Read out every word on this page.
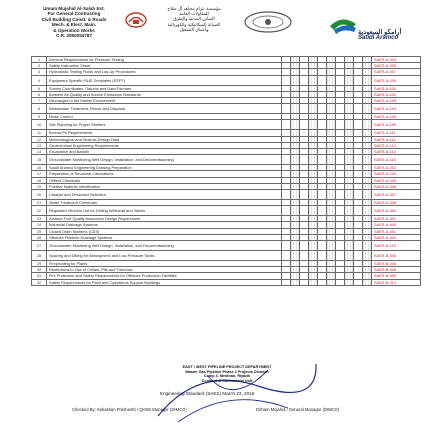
Umam Mujahid Al-Salah Est.
For General Contracting
Civil Building Const. & Roads
Mech. & Elect. Main.
& Operation Works
C.R. 2050054787
مؤسسة عزام مجاهد آل صلاح
للمقاولات العامة
المباني المدنية والطرق
الصيانة الميكانيكية والكهربائية
وأعمال التشغيل	أرامكو السعودية
Saudi Aramco
1	General Requirements for Pressure Testing											SAES-A-004
2	Safety Instruction Sheet											SAES-A-005
3	Hydrostatic Testing Fluids and Lay-Up Procedures											SAES-A-007
4	Equipment Specific P&ID Templates (ESPT)											SAES-A-009
5	Survey Coordinates, Datums and Data Formats											SAES-A-100
6	Ambient Air Quality and Source Emissions Standards											SAES-A-102
7	Discharges to the Marine Environment											SAES-A-103
8	Wastewater Treatment, Reuse and Disposal											SAES-A-104
9	Noise Control											SAES-A-105
10	Site Planning for Prayer Shelters											SAES-A-109
11	Borrow Pit Requirements											SAES-A-111
12	Meteorological and Seismic Design Data											SAES-A-112
13	Geotechnical Engineering Requirements											SAES-A-113
14	Excavation and Backfill											SAES-A-114
15	Groundwater Monitoring Well Design, Installation, and Decommissioning											SAES-A-115
16	Saudi Aramco Engineering Drawing Preparation											SAES-A-202
17	Preparation of Structural Calculations											SAES-A-204
18	Oilfield Chemicals											SAES-A-205
19	Positive Material Identification											SAES-A-206
20	Catalyst and Desiccant Selection											SAES-A-207
21	Water Treatment Chemicals											SAES-A-208
22	Regulated Vendors List for Drilling Wellhead and Valves											SAES-A-300
23	Aviation Fuel Quality Assurance Design Requirement											SAES-A-301
24	Industrial Drainage Systems											SAES-A-400
25	Closed Drain Systems (CDS)											SAES-A-401
26	Offshore Platform Drainage Systems											SAES-A-402
27	Groundwater Monitoring Well Design, Installation, and Decommissioning											SAES-A-115
28	Spacing and Diking for Atmospheric and Low-Pressure Tanks											SAES-B-005
29	Fireproofing for Plants											SAES-B-006
30	Restrictions to Use of Cellars, Pits and Trenches											SAES-B-008
31	Fire Protection and Safety Requirements for Offshore Production Facilities											SAES-B-009
32	Safety Requirements for Plant and Operations Support Buildings											SAES-B-014
EAST / WEST PIPELINE PROJECT DEPARTMENT
Master Gas Pipeline Phase 1 Projects Division
Camp 4, Medinah, Riyadh
Contract & Commercial Unit
Engineering Standard (SAES) March 23, 2016
Checked By: Sebastian Prashanth / QHSE Manager (DIMCO)	Dirham Mojahid / General Manager (DIMCO)
